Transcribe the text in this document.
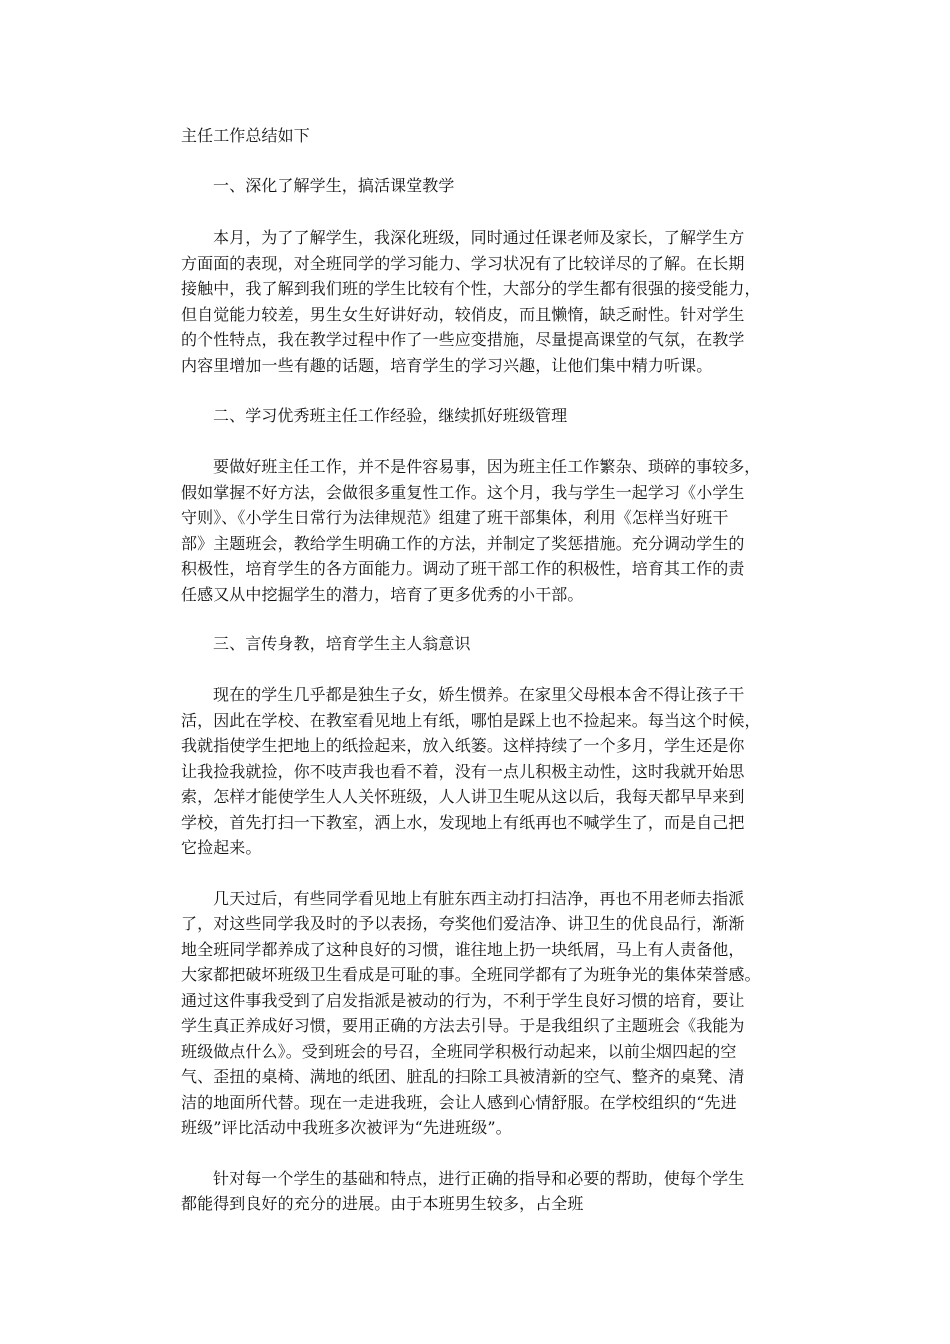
主任工作总结如下
一、深化了解学生，搞活课堂教学
本月，为了了解学生，我深化班级，同时通过任课老师及家长，了解学生方
方面面的表现，对全班同学的学习能力、学习状况有了比较详尽的了解。在长期
接触中，我了解到我们班的学生比较有个性，大部分的学生都有很强的接受能力，
但自觉能力较差，男生女生好讲好动，较俏皮，而且懒惰，缺乏耐性。针对学生
的个性特点，我在教学过程中作了一些应变措施，尽量提高课堂的气氛，在教学
内容里增加一些有趣的话题，培育学生的学习兴趣，让他们集中精力听课。
二、学习优秀班主任工作经验，继续抓好班级管理
要做好班主任工作，并不是件容易事，因为班主任工作繁杂、琐碎的事较多，
假如掌握不好方法，会做很多重复性工作。这个月，我与学生一起学习《小学生
守则》、《小学生日常行为法律规范》组建了班干部集体，利用《怎样当好班干
部》主题班会，教给学生明确工作的方法，并制定了奖惩措施。充分调动学生的
积极性，培育学生的各方面能力。调动了班干部工作的积极性，培育其工作的责
任感又从中挖掘学生的潜力，培育了更多优秀的小干部。
三、言传身教，培育学生主人翁意识
现在的学生几乎都是独生子女，娇生惯养。在家里父母根本舍不得让孩子干
活，因此在学校、在教室看见地上有纸，哪怕是踩上也不捡起来。每当这个时候，
我就指使学生把地上的纸捡起来，放入纸篓。这样持续了一个多月，学生还是你
让我捡我就捡，你不吱声我也看不着，没有一点儿积极主动性，这时我就开始思
索，怎样才能使学生人人关怀班级，人人讲卫生呢从这以后，我每天都早早来到
学校，首先打扫一下教室，洒上水，发现地上有纸再也不喊学生了，而是自己把
它捡起来。
几天过后，有些同学看见地上有脏东西主动打扫洁净，再也不用老师去指派
了，对这些同学我及时的予以表扬，夸奖他们爱洁净、讲卫生的优良品行，渐渐
地全班同学都养成了这种良好的习惯，谁往地上扔一块纸屑，马上有人责备他，
大家都把破坏班级卫生看成是可耻的事。全班同学都有了为班争光的集体荣誉感。
通过这件事我受到了启发指派是被动的行为，不利于学生良好习惯的培育，要让
学生真正养成好习惯，要用正确的方法去引导。于是我组织了主题班会《我能为
班级做点什么》。受到班会的号召，全班同学积极行动起来，以前尘烟四起的空
气、歪扭的桌椅、满地的纸团、脏乱的扫除工具被清新的空气、整齐的桌凳、清
洁的地面所代替。现在一走进我班，会让人感到心情舒服。在学校组织的“先进
班级”评比活动中我班多次被评为“先进班级”。
针对每一个学生的基础和特点，进行正确的指导和必要的帮助，使每个学生
都能得到良好的充分的进展。由于本班男生较多，占全班
